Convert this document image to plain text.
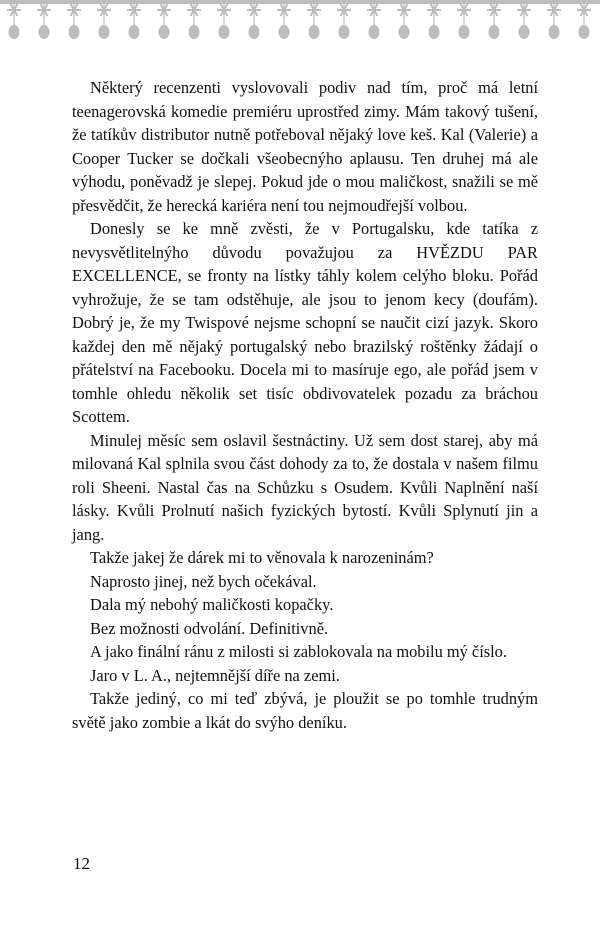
Některý recenzenti vyslovovali podiv nad tím, proč má letní teenagerovská komedie premiéru uprostřed zimy. Mám takový tušení, že tatíkův distributor nutně potřeboval nějaký love keš. Kal (Valerie) a Cooper Tucker se dočkali všeobecnýho aplausu. Ten druhej má ale výhodu, poněvadž je slepej. Pokud jde o mou maličkost, snažili se mě přesvědčit, že herecká kariéra není tou nejmoudřejší volbou.

Donesly se ke mně zvěsti, že v Portugalsku, kde tatíka z nevysvětlitelnýho důvodu považujou za HVĚZDU PAR EXCELLENCE, se fronty na lístky táhly kolem celýho bloku. Pořád vyhrožuje, že se tam odstěhuje, ale jsou to jenom kecy (doufám). Dobrý je, že my Twispové nejsme schopní se naučit cizí jazyk. Skoro každej den mě nějaký portugalský nebo brazilský roštěnky žádají o přátelství na Facebooku. Docela mi to masíruje ego, ale pořád jsem v tomhle ohledu několik set tisíc obdivovatelek pozadu za bráchou Scottem.

Minulej měsíc sem oslavil šestnáctiny. Už sem dost starej, aby má milovaná Kal splnila svou část dohody za to, že dostala v našem filmu roli Sheeni. Nastal čas na Schůzku s Osudem. Kvůli Naplnění naší lásky. Kvůli Prolnutí našich fyzických bytostí. Kvůli Splynutí jin a jang.

Takže jakej že dárek mi to věnovala k narozeninám?

Naprosto jinej, než bych očekával.

Dala mý nebohý maličkosti kopačky.

Bez možnosti odvolání. Definitivně.

A jako finální ránu z milosti si zablokovala na mobilu mý číslo.

Jaro v L. A., nejtemnější díře na zemi.

Takže jediný, co mi teď zbývá, je ploužit se po tomhle trudným světě jako zombie a lkát do svýho deníku.

12
